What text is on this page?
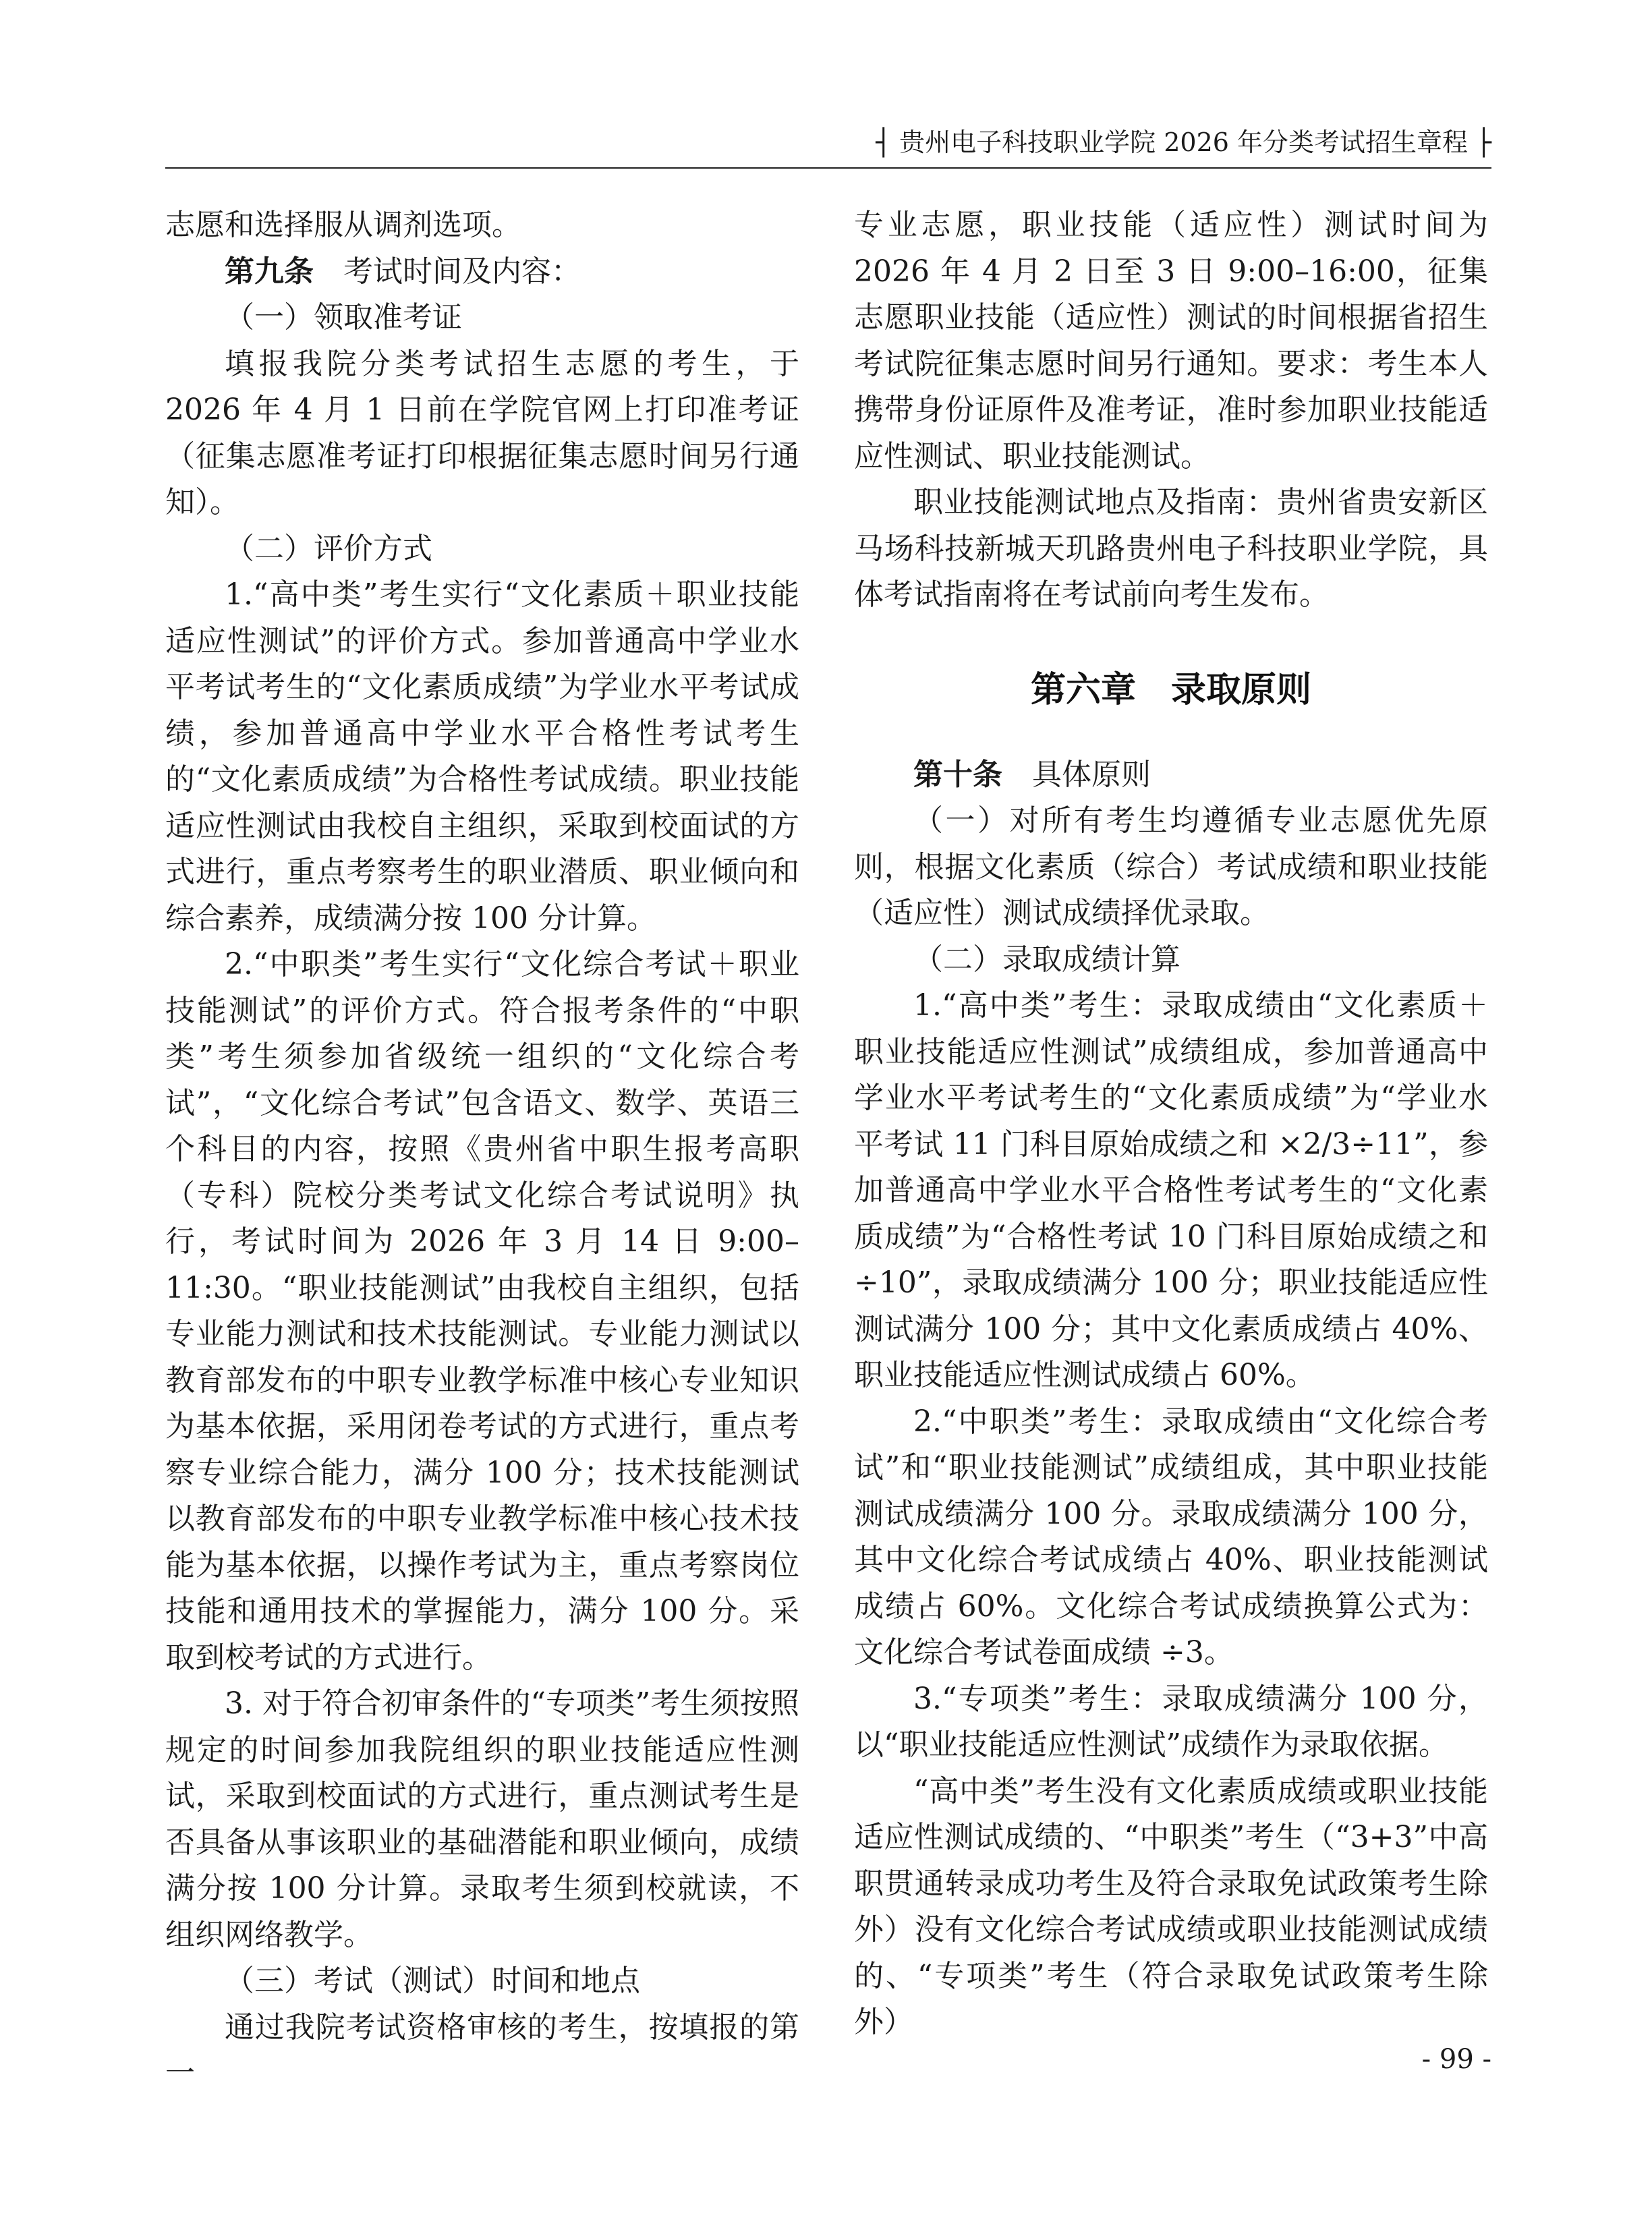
┤ 贵州电子科技职业学院 2026 年分类考试招生章程 ├

志愿和选择服从调剂选项。

第九条 考试时间及内容：

（一）领取准考证

填报我院分类考试招生志愿的考生，于 2026 年 4 月 1 日前在学院官网上打印准考证（征集志愿准考证打印根据征集志愿时间另行通知）。

（二）评价方式

1.“高中类”考生实行“文化素质＋职业技能适应性测试”的评价方式。参加普通高中学业水平考试考生的“文化素质成绩”为学业水平考试成绩，参加普通高中学业水平合格性考试考生的“文化素质成绩”为合格性考试成绩。职业技能适应性测试由我校自主组织，采取到校面试的方式进行，重点考察考生的职业潜质、职业倾向和综合素养，成绩满分按 100 分计算。

2.“中职类”考生实行“文化综合考试＋职业技能测试”的评价方式。符合报考条件的“中职类”考生须参加省级统一组织的“文化综合考试”，“文化综合考试”包含语文、数学、英语三个科目的内容，按照《贵州省中职生报考高职（专科）院校分类考试文化综合考试说明》执行，考试时间为 2026 年 3 月 14 日 9:00–11:30。“职业技能测试”由我校自主组织，包括专业能力测试和技术技能测试。专业能力测试以教育部发布的中职专业教学标准中核心专业知识为基本依据，采用闭卷考试的方式进行，重点考察专业综合能力，满分 100 分；技术技能测试以教育部发布的中职专业教学标准中核心技术技能为基本依据，以操作考试为主，重点考察岗位技能和通用技术的掌握能力，满分 100 分。采取到校考试的方式进行。

3. 对于符合初审条件的“专项类”考生须按照规定的时间参加我院组织的职业技能适应性测试，采取到校面试的方式进行，重点测试考生是否具备从事该职业的基础潜能和职业倾向，成绩满分按 100 分计算。录取考生须到校就读，不组织网络教学。

（三）考试（测试）时间和地点

通过我院考试资格审核的考生，按填报的第一

专业志愿，职业技能（适应性）测试时间为 2026 年 4 月 2 日至 3 日 9:00–16:00，征集志愿职业技能（适应性）测试的时间根据省招生考试院征集志愿时间另行通知。要求：考生本人携带身份证原件及准考证，准时参加职业技能适应性测试、职业技能测试。

职业技能测试地点及指南：贵州省贵安新区马场科技新城天玑路贵州电子科技职业学院，具体考试指南将在考试前向考生发布。

第六章 录取原则

第十条 具体原则

（一）对所有考生均遵循专业志愿优先原则，根据文化素质（综合）考试成绩和职业技能（适应性）测试成绩择优录取。

（二）录取成绩计算

1.“高中类”考生：录取成绩由“文化素质＋职业技能适应性测试”成绩组成，参加普通高中学业水平考试考生的“文化素质成绩”为“学业水平考试 11 门科目原始成绩之和 ×2/3÷11”，参加普通高中学业水平合格性考试考生的“文化素质成绩”为“合格性考试 10 门科目原始成绩之和 ÷10”，录取成绩满分 100 分；职业技能适应性测试满分 100 分；其中文化素质成绩占 40%、职业技能适应性测试成绩占 60%。

2.“中职类”考生：录取成绩由“文化综合考试”和“职业技能测试”成绩组成，其中职业技能测试成绩满分 100 分。录取成绩满分 100 分，其中文化综合考试成绩占 40%、职业技能测试成绩占 60%。文化综合考试成绩换算公式为：文化综合考试卷面成绩 ÷3。

3.“专项类”考生：录取成绩满分 100 分，以“职业技能适应性测试”成绩作为录取依据。

“高中类”考生没有文化素质成绩或职业技能适应性测试成绩的、“中职类”考生（“3+3”中高职贯通转录成功考生及符合录取免试政策考生除外）没有文化综合考试成绩或职业技能测试成绩的、“专项类”考生（符合录取免试政策考生除外）

- 99 -
